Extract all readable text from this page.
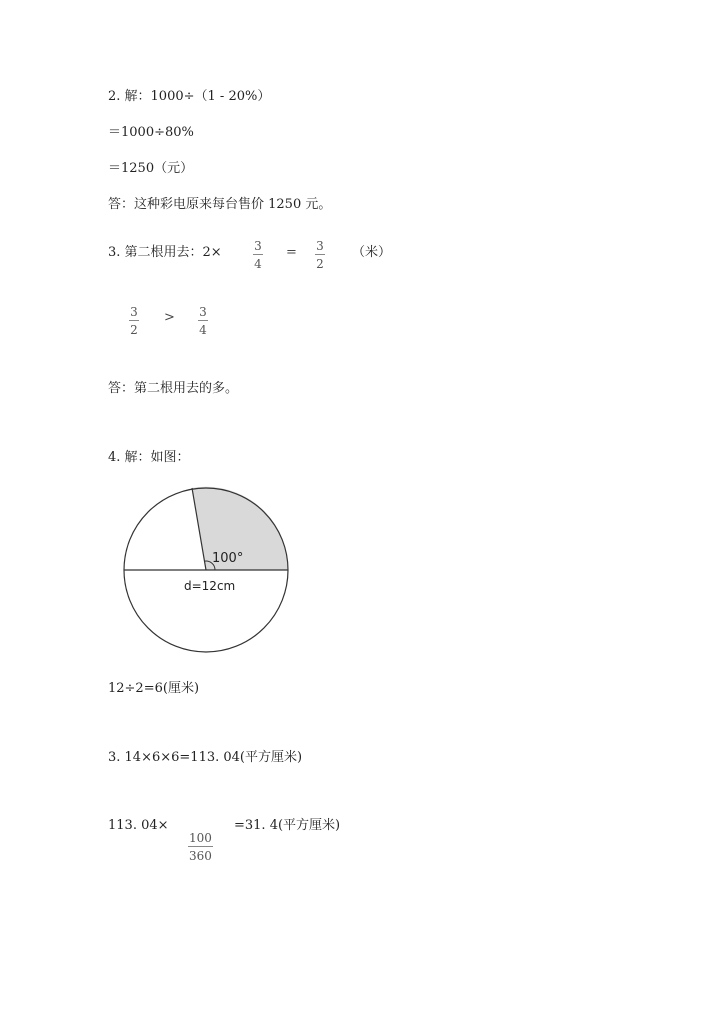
2. 解：1000÷（1 - 20%）
＝1000÷80%
＝1250（元）
答：这种彩电原来每台售价 1250 元。
3. 第二根用去：2×	3
4
= 3
2
（米）
3
2
> 3
4
答：第二根用去的多。
4. 解：如图：
100°
d=12cm
12÷2=6(厘米)
3. 14×6×6=113. 04(平方厘米)
113. 04×
100
360
=31. 4(平方厘米)
